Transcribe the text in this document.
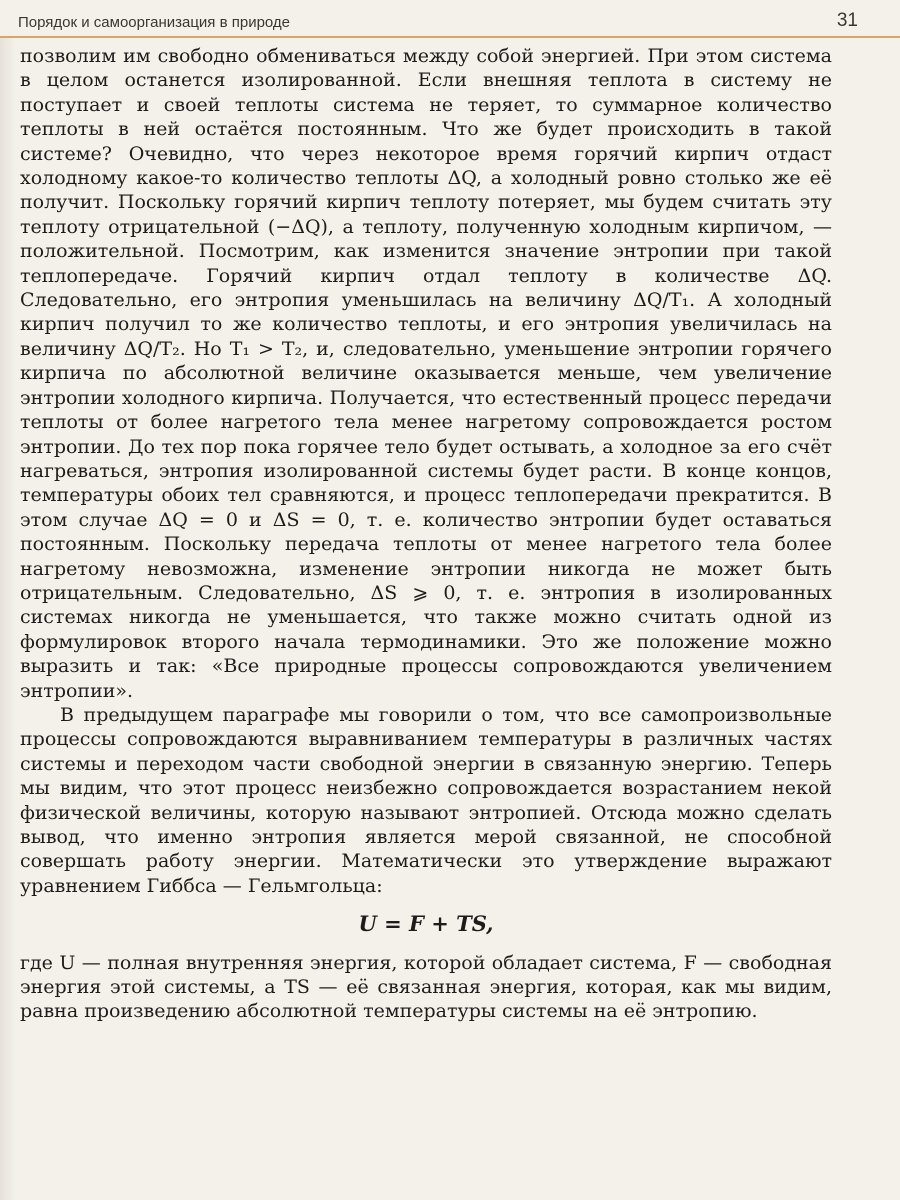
Порядок и самоорганизация в природе	31

позволим им свободно обмениваться между собой энергией. При этом система в целом останется изолированной. Если внешняя теплота в систему не поступает и своей теплоты система не теряет, то суммарное количество теплоты в ней остаётся постоянным. Что же будет происходить в такой системе? Очевидно, что через некоторое время горячий кирпич отдаст холодному какое-то количество теплоты ΔQ, а холодный ровно столько же её получит. Поскольку горячий кирпич теплоту потеряет, мы будем считать эту теплоту отрицательной (−ΔQ), а теплоту, полученную холодным кирпичом, — положительной. Посмотрим, как изменится значение энтропии при такой теплопередаче. Горячий кирпич отдал теплоту в количестве ΔQ. Следовательно, его энтропия уменьшилась на величину ΔQ/T₁. А холодный кирпич получил то же количество теплоты, и его энтропия увеличилась на величину ΔQ/T₂. Но T₁ > T₂, и, следовательно, уменьшение энтропии горячего кирпича по абсолютной величине оказывается меньше, чем увеличение энтропии холодного кирпича. Получается, что естественный процесс передачи теплоты от более нагретого тела менее нагретому сопровождается ростом энтропии. До тех пор пока горячее тело будет остывать, а холодное за его счёт нагреваться, энтропия изолированной системы будет расти. В конце концов, температуры обоих тел сравняются, и процесс теплопередачи прекратится. В этом случае ΔQ = 0 и ΔS = 0, т. е. количество энтропии будет оставаться постоянным. Поскольку передача теплоты от менее нагретого тела более нагретому невозможна, изменение энтропии никогда не может быть отрицательным. Следовательно, ΔS ⩾ 0, т. е. энтропия в изолированных системах никогда не уменьшается, что также можно считать одной из формулировок второго начала термодинамики. Это же положение можно выразить и так: «Все природные процессы сопровождаются увеличением энтропии».

В предыдущем параграфе мы говорили о том, что все самопроизвольные процессы сопровождаются выравниванием температуры в различных частях системы и переходом части свободной энергии в связанную энергию. Теперь мы видим, что этот процесс неизбежно сопровождается возрастанием некой физической величины, которую называют энтропией. Отсюда можно сделать вывод, что именно энтропия является мерой связанной, не способной совершать работу энергии. Математически это утверждение выражают уравнением Гиббса — Гельмгольца:

U = F + TS,

где U — полная внутренняя энергия, которой обладает система, F — свободная энергия этой системы, а TS — её связанная энергия, которая, как мы видим, равна произведению абсолютной температуры системы на её энтропию.
